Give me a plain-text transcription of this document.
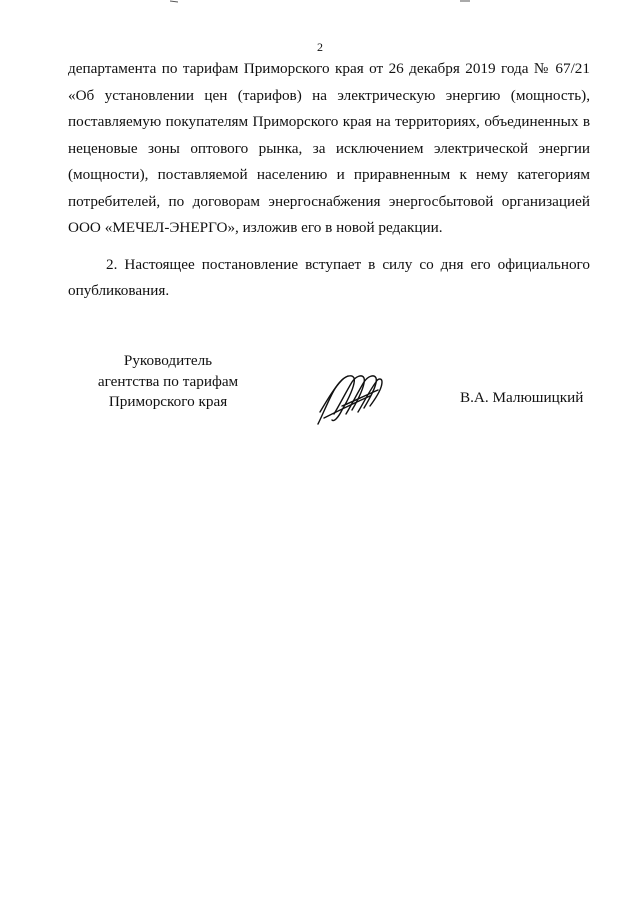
2
департамента по тарифам Приморского края от 26 декабря 2019 года № 67/21
«Об установлении цен (тарифов) на электрическую энергию (мощность),
поставляемую покупателям Приморского края на территориях, объединенных в
неценовые зоны оптового рынка, за исключением электрической энергии
(мощности), поставляемой населению и приравненным к нему категориям
потребителей, по договорам энергоснабжения энергосбытовой организацией
ООО «МЕЧЕЛ-ЭНЕРГО», изложив его в новой редакции.
2. Настоящее постановление вступает в силу со дня его официального
опубликования.
Руководитель
агентства по тарифам
Приморского края	В.А. Малюшицкий
